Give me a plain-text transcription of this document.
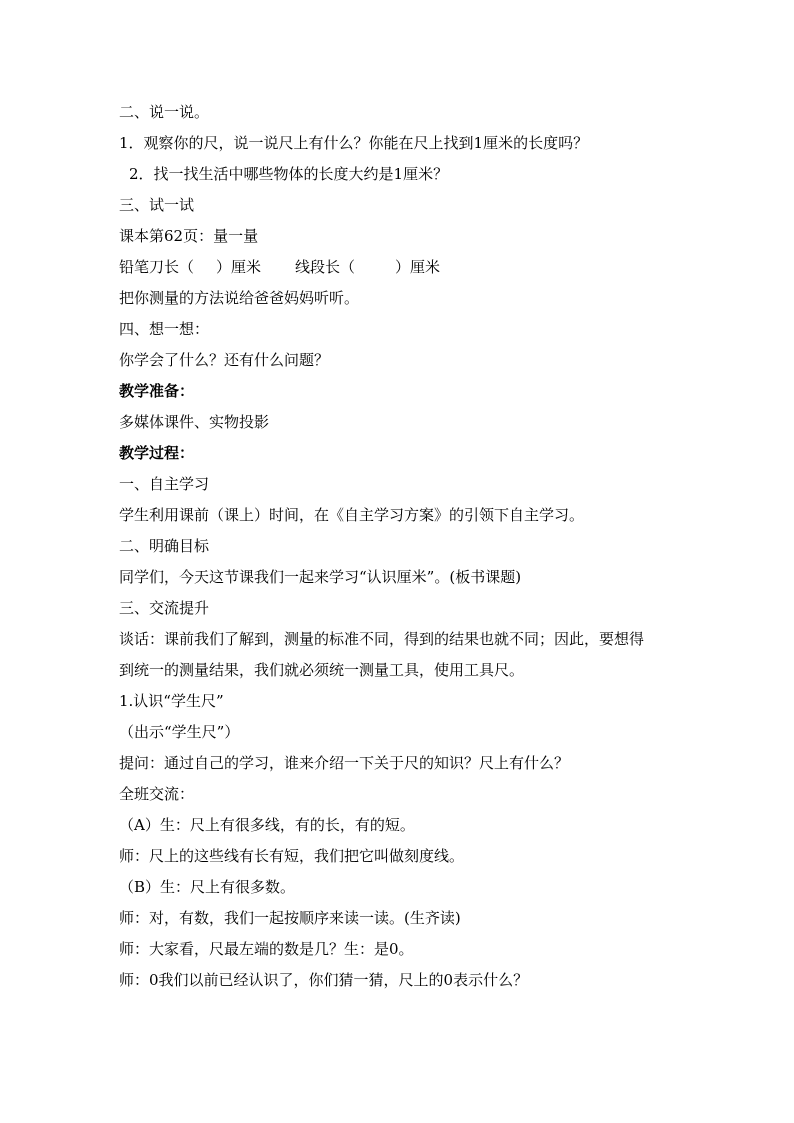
二、说一说。
1．观察你的尺，说一说尺上有什么？你能在尺上找到1厘米的长度吗？
2．找一找生活中哪些物体的长度大约是1厘米？
三、试一试
课本第62页：量一量
铅笔刀长（ ）厘米 线段长（	）厘米
把你测量的方法说给爸爸妈妈听听。
四、想一想：
你学会了什么？还有什么问题？
教学准备：
多媒体课件、实物投影
教学过程：
一、自主学习
学生利用课前（课上）时间，在《自主学习方案》的引领下自主学习。
二、明确目标
同学们，今天这节课我们一起来学习“认识厘米”。(板书课题)
三、交流提升
谈话：课前我们了解到，测量的标准不同，得到的结果也就不同；因此，要想得
到统一的测量结果，我们就必须统一测量工具，使用工具尺。
1.认识“学生尺”
（出示“学生尺”）
提问：通过自己的学习，谁来介绍一下关于尺的知识？尺上有什么？
全班交流：
（A）生：尺上有很多线，有的长，有的短。
师：尺上的这些线有长有短，我们把它叫做刻度线。
（B）生：尺上有很多数。
师：对，有数，我们一起按顺序来读一读。(生齐读)
师：大家看，尺最左端的数是几？生：是0。
师：0我们以前已经认识了，你们猜一猜，尺上的0表示什么？
